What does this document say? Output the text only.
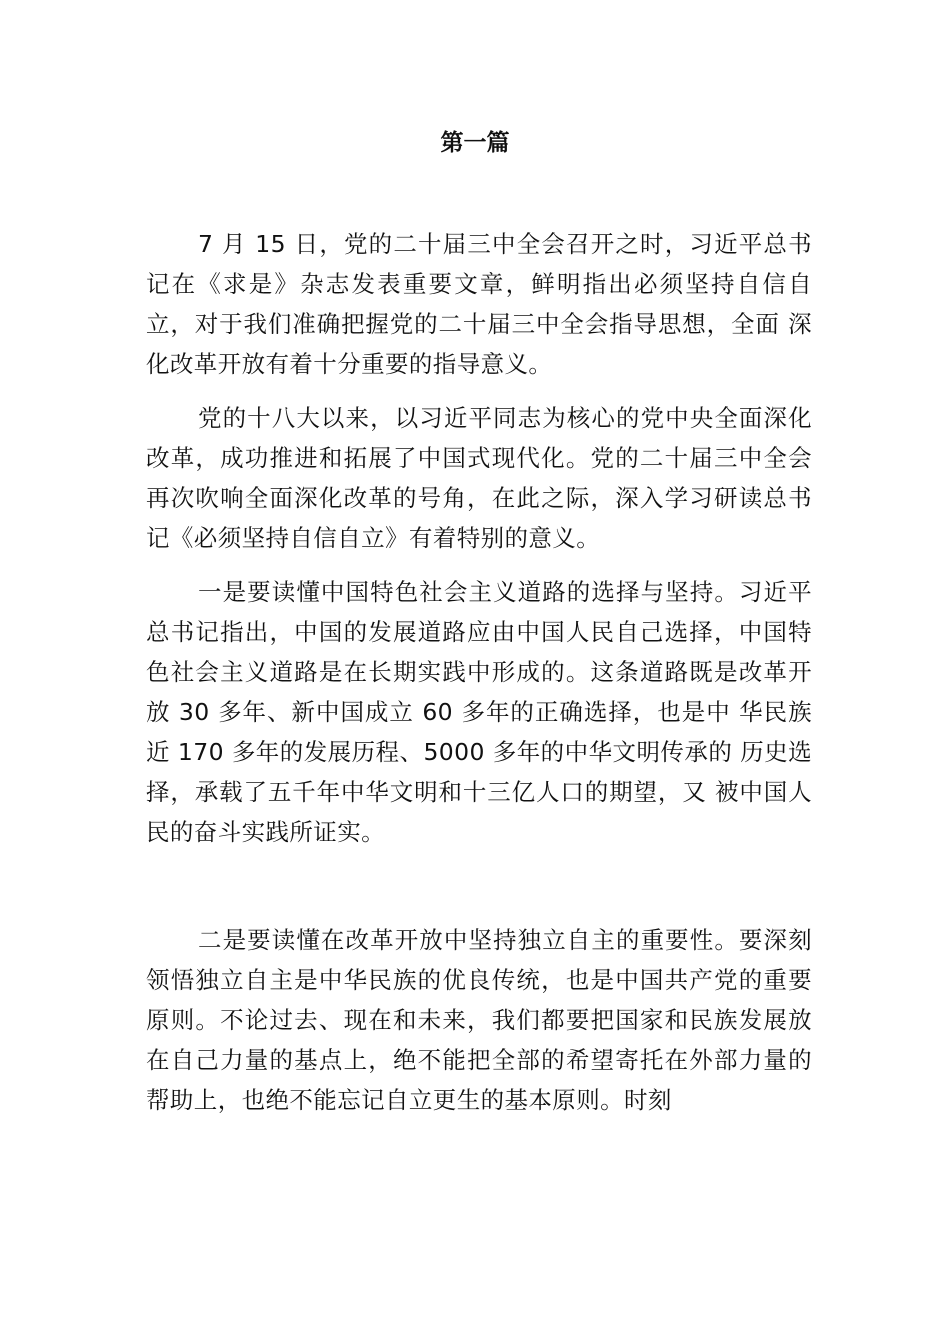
第一篇

7 月 15 日，党的二十届三中全会召开之时，习近平总书 记在《求是》杂志发表重要文章，鲜明指出必须坚持自信自 立，对于我们准确把握党的二十届三中全会指导思想，全面 深化改革开放有着十分重要的指导意义。

党的十八大以来，以习近平同志为核心的党中央全面深化改革，成功推进和拓展了中国式现代化。党的二十届三中全会再次吹响全面深化改革的号角，在此之际，深入学习研读总书记《必须坚持自信自立》有着特别的意义。

一是要读懂中国特色社会主义道路的选择与坚持。习近平总书记指出，中国的发展道路应由中国人民自己选择，中国特色社会主义道路是在长期实践中形成的。这条道路既是改革开放 30 多年、新中国成立 60 多年的正确选择，也是中 华民族近 170 多年的发展历程、5000 多年的中华文明传承的 历史选择，承载了五千年中华文明和十三亿人口的期望，又 被中国人民的奋斗实践所证实。

二是要读懂在改革开放中坚持独立自主的重要性。要深刻领悟独立自主是中华民族的优良传统，也是中国共产党的重要原则。不论过去、现在和未来，我们都要把国家和民族发展放在自己力量的基点上，绝不能把全部的希望寄托在外部力量的帮助上，也绝不能忘记自立更生的基本原则。时刻
